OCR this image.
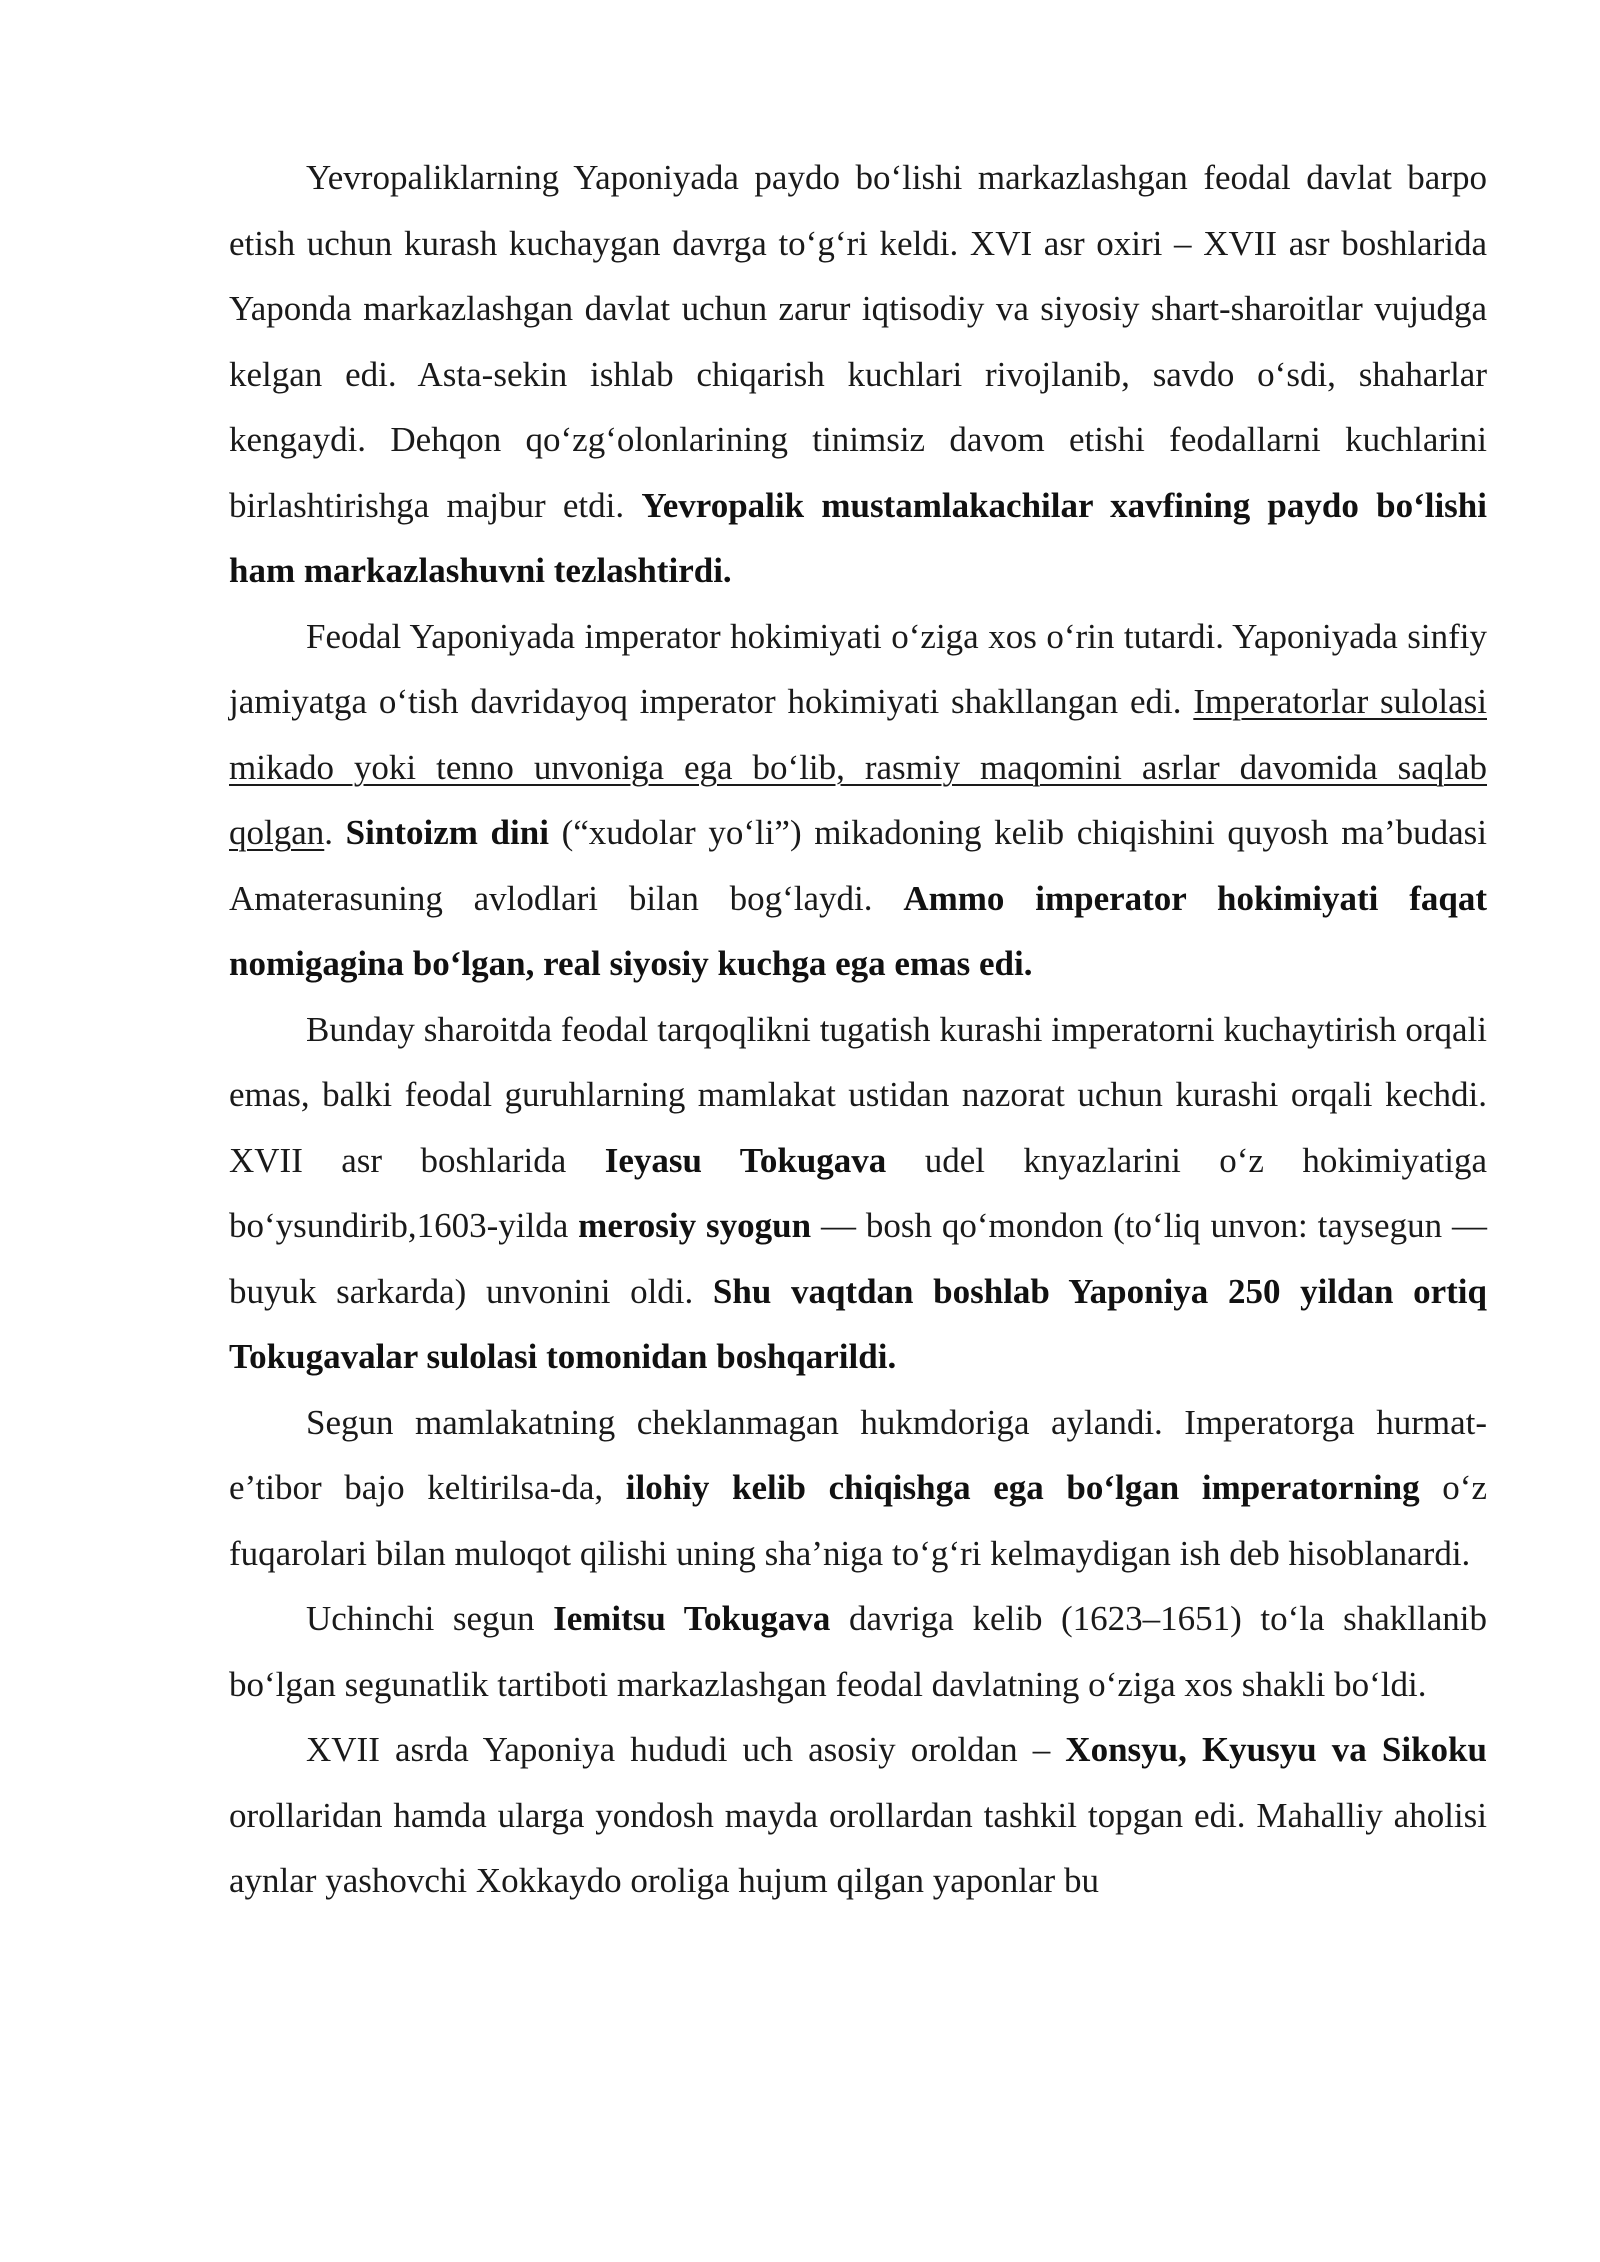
Yevropaliklarning Yaponiyada paydo bo‘lishi markazlashgan feodal davlat barpo etish uchun kurash kuchaygan davrga to‘g‘ri keldi. XVI asr oxiri – XVII asr boshlarida Yaponda markazlashgan davlat uchun zarur iqtisodiy va siyosiy shart-sharoitlar vujudga kelgan edi. Asta-sekin ishlab chiqarish kuchlari rivojlanib, savdo o‘sdi, shaharlar kengaydi. Dehqon qo‘zg‘olonlarining tinimsiz davom etishi feodallarni kuchlarini birlashtirishga majbur etdi. Yevropalik mustamlakachilar xavfining paydo bo‘lishi ham markazlashuvni tezlashtirdi.

Feodal Yaponiyada imperator hokimiyati o‘ziga xos o‘rin tutardi. Yaponiyada sinfiy jamiyatga o‘tish davridayoq imperator hokimiyati shakllangan edi. Imperatorlar sulolasi mikado yoki tenno unvoniga ega bo‘lib, rasmiy maqomini asrlar davomida saqlab qolgan. Sintoizm dini (“xudolar yo‘li”) mikadoning kelib chiqishini quyosh ma’budasi Amaterasuning avlodlari bilan bog‘laydi. Ammo imperator hokimiyati faqat nomigagina bo‘lgan, real siyosiy kuchga ega emas edi.

Bunday sharoitda feodal tarqoqlikni tugatish kurashi imperatorni kuchaytirish orqali emas, balki feodal guruhlarning mamlakat ustidan nazorat uchun kurashi orqali kechdi. XVII asr boshlarida Ieyasu Tokugava udel knyazlarini o‘z hokimiyatiga bo‘ysundirib,1603-yilda merosiy syogun — bosh qo‘mondon (to‘liq unvon: taysegun — buyuk sarkarda) unvonini oldi. Shu vaqtdan boshlab Yaponiya 250 yildan ortiq Tokugavalar sulolasi tomonidan boshqarildi.

Segun mamlakatning cheklanmagan hukmdoriga aylandi. Imperatorga hurmat-e’tibor bajo keltirilsa-da, ilohiy kelib chiqishga ega bo‘lgan imperatorning o‘z fuqarolari bilan muloqot qilishi uning sha’niga to‘g‘ri kelmaydigan ish deb hisoblanardi.

Uchinchi segun Iemitsu Tokugava davriga kelib (1623–1651) to‘la shakllanib bo‘lgan segunatlik tartiboti markazlashgan feodal davlatning o‘ziga xos shakli bo‘ldi.

XVII asrda Yaponiya hududi uch asosiy oroldan – Xonsyu, Kyusyu va Sikoku orollaridan hamda ularga yondosh mayda orollardan tashkil topgan edi. Mahalliy aholisi aynlar yashovchi Xokkaydo oroliga hujum qilgan yaponlar bu
